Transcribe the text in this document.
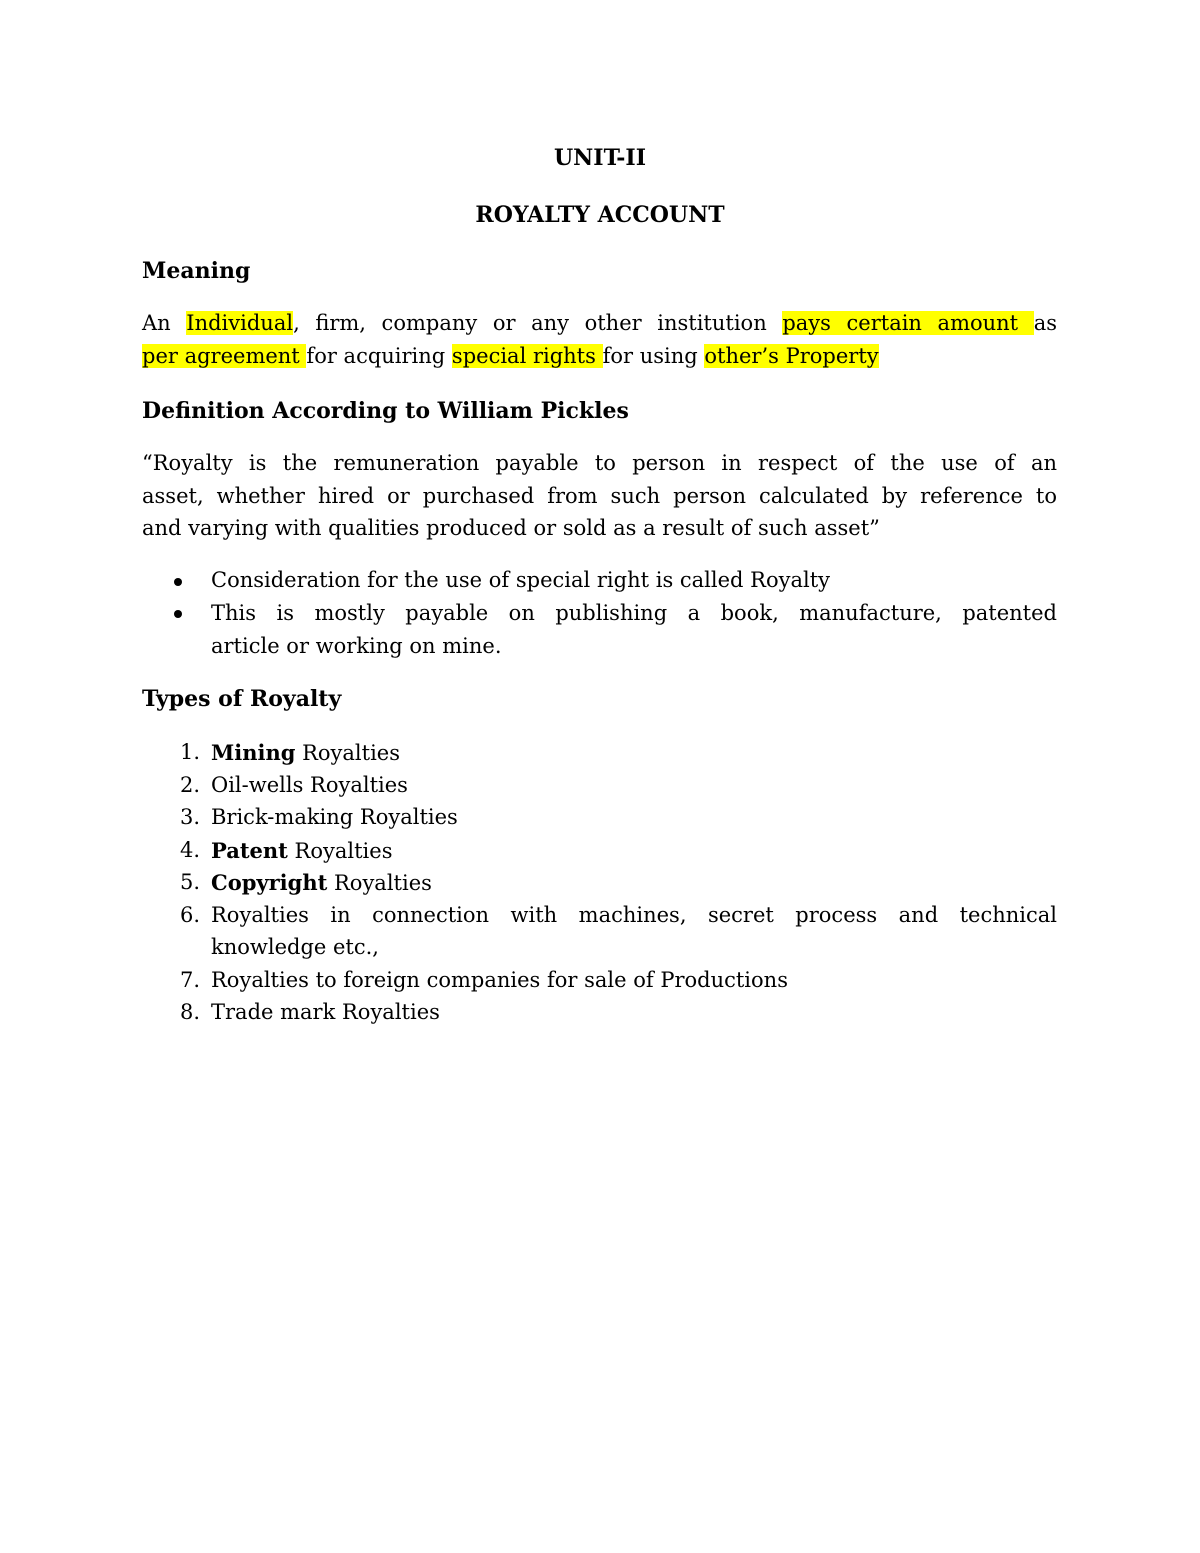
UNIT-II
ROYALTY ACCOUNT
Meaning
An Individual, firm, company or any other institution pays certain amount as
per agreement for acquiring special rights for using other’s Property
Definition According to William Pickles
“Royalty is the remuneration payable to person in respect of the use of an
asset, whether hired or purchased from such person calculated by reference to
and varying with qualities produced or sold as a result of such asset”
Consideration for the use of special right is called Royalty
This is mostly payable on publishing a book, manufacture, patented
article or working on mine.
Types of Royalty
1. Mining Royalties
2. Oil-wells Royalties
3. Brick-making Royalties
4. Patent Royalties
5. Copyright Royalties
6. Royalties in connection with machines, secret process and technical
knowledge etc.,
7. Royalties to foreign companies for sale of Productions
8. Trade mark Royalties
